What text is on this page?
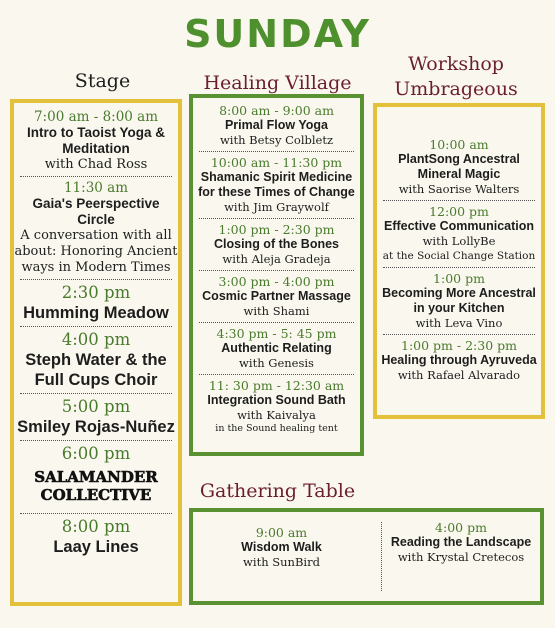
SUNDAY
Stage
7:00 am - 8:00 am
Intro to Taoist Yoga & Meditation
with Chad Ross
11:30 am
Gaia's Peerspective Circle
A conversation with all about: Honoring Ancient ways in Modern Times
2:30 pm
Humming Meadow
4:00 pm
Steph Water & the Full Cups Choir
5:00 pm
Smiley Rojas-Nuñez
6:00 pm
SALAMANDER
COLLECTIVE
8:00 pm
Laay Lines
Healing Village
8:00 am - 9:00 am
Primal Flow Yoga
with Betsy Colbletz
10:00 am - 11:30 pm
Shamanic Spirit Medicine for these Times of Change
with Jim Graywolf
1:00 pm - 2:30 pm
Closing of the Bones
with Aleja Gradeja
3:00 pm - 4:00 pm
Cosmic Partner Massage
with Shami
4:30 pm - 5: 45 pm
Authentic Relating
with Genesis
11: 30 pm - 12:30 am
Integration Sound Bath
with Kaivalya
in the Sound healing tent
Workshop
Umbrageous
10:00 am
PlantSong Ancestral Mineral Magic
with Saorise Walters
12:00 pm
Effective Communication
with LollyBe
at the Social Change Station
1:00 pm
Becoming More Ancestral in your Kitchen
with Leva Vino
1:00 pm - 2:30 pm
Healing through Ayruveda
with Rafael Alvarado
Gathering Table
9:00 am
Wisdom Walk
with SunBird
4:00 pm
Reading the Landscape
with Krystal Cretecos
